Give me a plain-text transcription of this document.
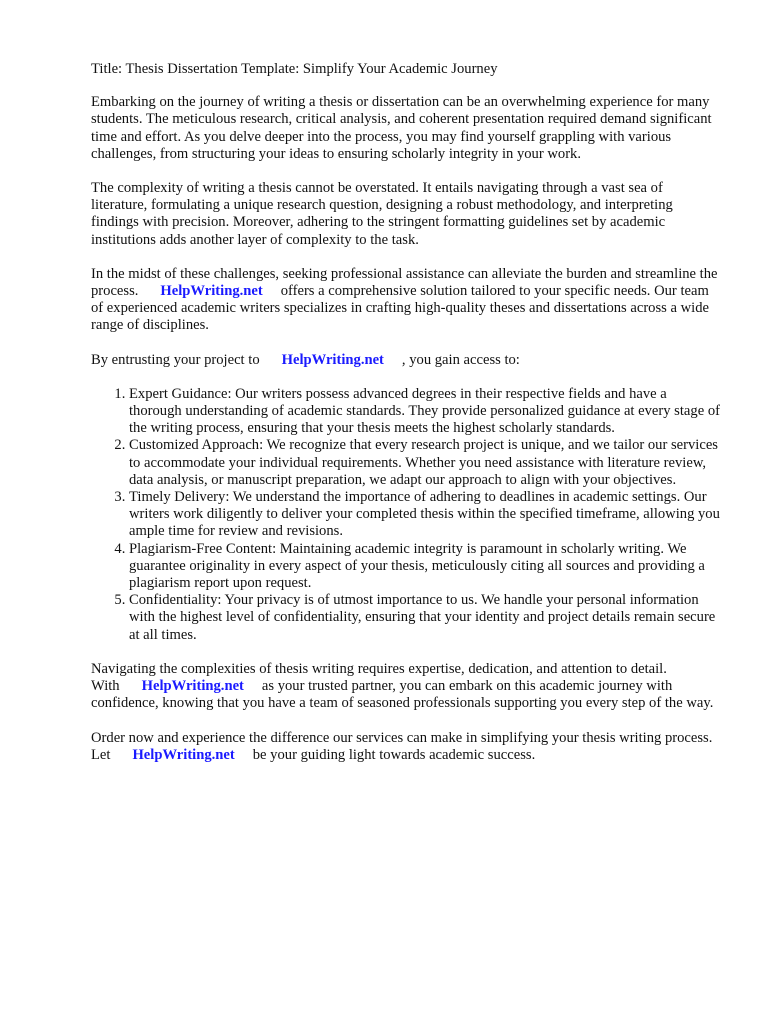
Title: Thesis Dissertation Template: Simplify Your Academic Journey

Embarking on the journey of writing a thesis or dissertation can be an overwhelming experience for many students. The meticulous research, critical analysis, and coherent presentation required demand significant time and effort. As you delve deeper into the process, you may find yourself grappling with various challenges, from structuring your ideas to ensuring scholarly integrity in your work.

The complexity of writing a thesis cannot be overstated. It entails navigating through a vast sea of literature, formulating a unique research question, designing a robust methodology, and interpreting findings with precision. Moreover, adhering to the stringent formatting guidelines set by academic institutions adds another layer of complexity to the task.

In the midst of these challenges, seeking professional assistance can alleviate the burden and streamline the process. HelpWriting.net offers a comprehensive solution tailored to your specific needs. Our team of experienced academic writers specializes in crafting high-quality theses and dissertations across a wide range of disciplines.

By entrusting your project to HelpWriting.net , you gain access to:

1. Expert Guidance: Our writers possess advanced degrees in their respective fields and have a thorough understanding of academic standards. They provide personalized guidance at every stage of the writing process, ensuring that your thesis meets the highest scholarly standards.
2. Customized Approach: We recognize that every research project is unique, and we tailor our services to accommodate your individual requirements. Whether you need assistance with literature review, data analysis, or manuscript preparation, we adapt our approach to align with your objectives.
3. Timely Delivery: We understand the importance of adhering to deadlines in academic settings. Our writers work diligently to deliver your completed thesis within the specified timeframe, allowing you ample time for review and revisions.
4. Plagiarism-Free Content: Maintaining academic integrity is paramount in scholarly writing. We guarantee originality in every aspect of your thesis, meticulously citing all sources and providing a plagiarism report upon request.
5. Confidentiality: Your privacy is of utmost importance to us. We handle your personal information with the highest level of confidentiality, ensuring that your identity and project details remain secure at all times.

Navigating the complexities of thesis writing requires expertise, dedication, and attention to detail.
With HelpWriting.net as your trusted partner, you can embark on this academic journey with confidence, knowing that you have a team of seasoned professionals supporting you every step of the way.

Order now and experience the difference our services can make in simplifying your thesis writing process. Let HelpWriting.net be your guiding light towards academic success.
